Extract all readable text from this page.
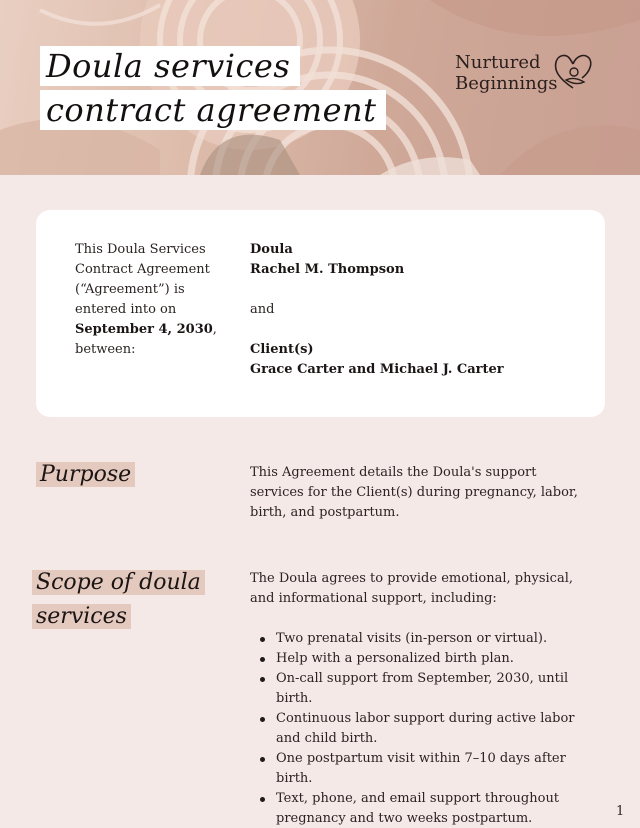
Doula services
contract agreement
Nurtured
Beginnings
This Doula Services
Contract Agreement
(“Agreement”) is
entered into on
September 4, 2030,
between:
Doula
Rachel M. Thompson
and
Client(s)
Grace Carter and Michael J. Carter
Purpose	This Agreement details the Doula's support services for the Client(s) during pregnancy, labor, birth, and postpartum.
Scope of doula
services
The Doula agrees to provide emotional, physical, and informational support, including:
Two prenatal visits (in-person or virtual).
Help with a personalized birth plan.
On-call support from September, 2030, until birth.
Continuous labor support during active labor and child birth.
One postpartum visit within 7–10 days after birth.
Text, phone, and email support throughout pregnancy and two weeks postpartum.	1
